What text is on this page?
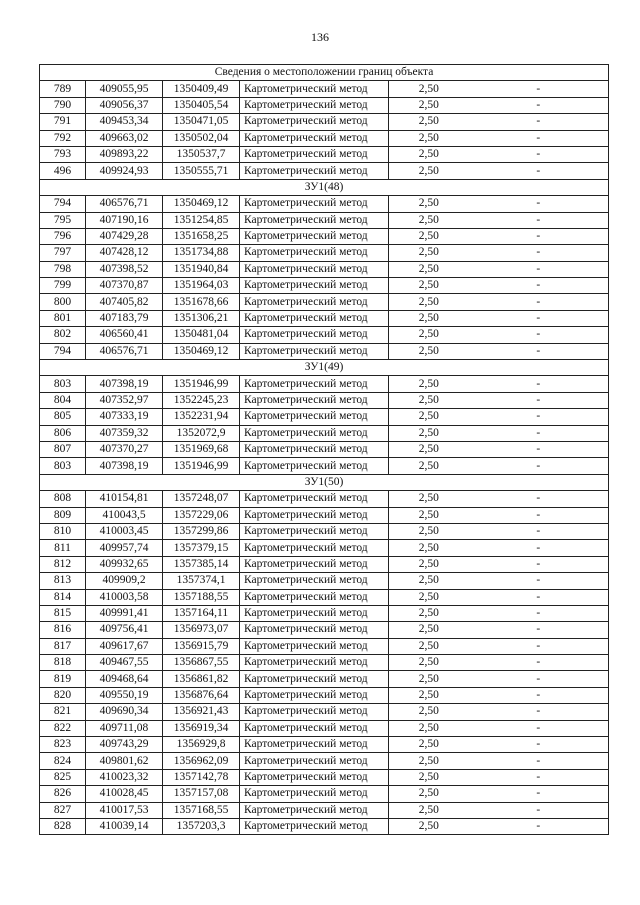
136
Сведения о местоположении границ объекта					
789	409055,95	1350409,49	Картометрический метод	2,50	-
790	409056,37	1350405,54	Картометрический метод	2,50	-
791	409453,34	1350471,05	Картометрический метод	2,50	-
792	409663,02	1350502,04	Картометрический метод	2,50	-
793	409893,22	1350537,7	Картометрический метод	2,50	-
496	409924,93	1350555,71	Картометрический метод	2,50	-
ЗУ1(48)					
794	406576,71	1350469,12	Картометрический метод	2,50	-
795	407190,16	1351254,85	Картометрический метод	2,50	-
796	407429,28	1351658,25	Картометрический метод	2,50	-
797	407428,12	1351734,88	Картометрический метод	2,50	-
798	407398,52	1351940,84	Картометрический метод	2,50	-
799	407370,87	1351964,03	Картометрический метод	2,50	-
800	407405,82	1351678,66	Картометрический метод	2,50	-
801	407183,79	1351306,21	Картометрический метод	2,50	-
802	406560,41	1350481,04	Картометрический метод	2,50	-
794	406576,71	1350469,12	Картометрический метод	2,50	-
ЗУ1(49)					
803	407398,19	1351946,99	Картометрический метод	2,50	-
804	407352,97	1352245,23	Картометрический метод	2,50	-
805	407333,19	1352231,94	Картометрический метод	2,50	-
806	407359,32	1352072,9	Картометрический метод	2,50	-
807	407370,27	1351969,68	Картометрический метод	2,50	-
803	407398,19	1351946,99	Картометрический метод	2,50	-
ЗУ1(50)					
808	410154,81	1357248,07	Картометрический метод	2,50	-
809	410043,5	1357229,06	Картометрический метод	2,50	-
810	410003,45	1357299,86	Картометрический метод	2,50	-
811	409957,74	1357379,15	Картометрический метод	2,50	-
812	409932,65	1357385,14	Картометрический метод	2,50	-
813	409909,2	1357374,1	Картометрический метод	2,50	-
814	410003,58	1357188,55	Картометрический метод	2,50	-
815	409991,41	1357164,11	Картометрический метод	2,50	-
816	409756,41	1356973,07	Картометрический метод	2,50	-
817	409617,67	1356915,79	Картометрический метод	2,50	-
818	409467,55	1356867,55	Картометрический метод	2,50	-
819	409468,64	1356861,82	Картометрический метод	2,50	-
820	409550,19	1356876,64	Картометрический метод	2,50	-
821	409690,34	1356921,43	Картометрический метод	2,50	-
822	409711,08	1356919,34	Картометрический метод	2,50	-
823	409743,29	1356929,8	Картометрический метод	2,50	-
824	409801,62	1356962,09	Картометрический метод	2,50	-
825	410023,32	1357142,78	Картометрический метод	2,50	-
826	410028,45	1357157,08	Картометрический метод	2,50	-
827	410017,53	1357168,55	Картометрический метод	2,50	-
828	410039,14	1357203,3	Картометрический метод	2,50	-
